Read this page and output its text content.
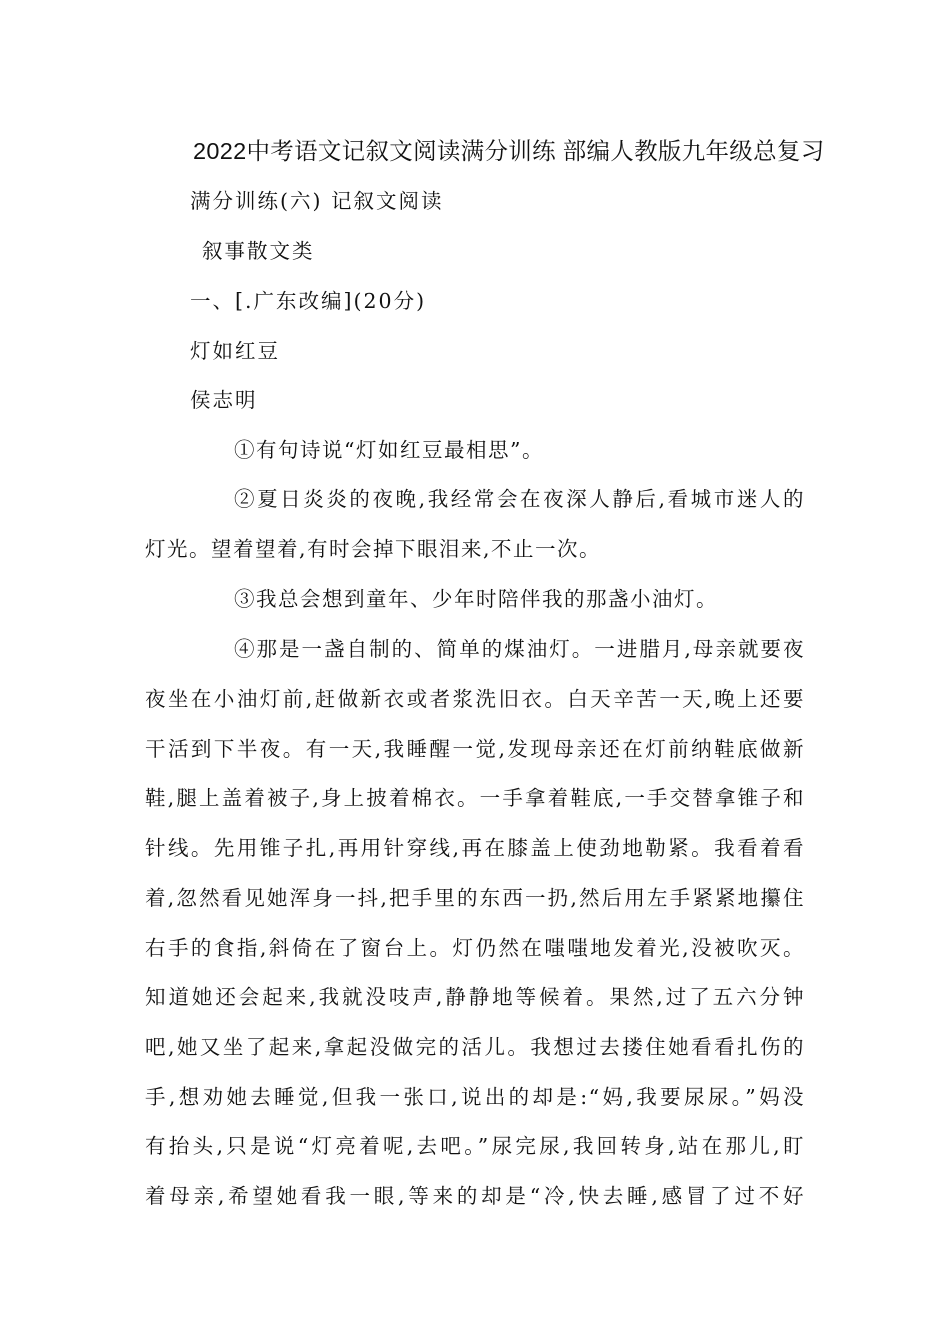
2022中考语文记叙文阅读满分训练 部编人教版九年级总复习
满分训练(六) 记叙文阅读
叙事散文类
一、[.广东改编](20分)
灯如红豆
侯志明
①有句诗说“灯如红豆最相思”。
②夏日炎炎的夜晚,我经常会在夜深人静后,看城市迷人的
灯光。望着望着,有时会掉下眼泪来,不止一次。
③我总会想到童年、少年时陪伴我的那盏小油灯。
④那是一盏自制的、简单的煤油灯。一进腊月,母亲就要夜
夜坐在小油灯前,赶做新衣或者浆洗旧衣。白天辛苦一天,晚上还要
干活到下半夜。有一天,我睡醒一觉,发现母亲还在灯前纳鞋底做新
鞋,腿上盖着被子,身上披着棉衣。一手拿着鞋底,一手交替拿锥子和
针线。先用锥子扎,再用针穿线,再在膝盖上使劲地勒紧。我看着看
着,忽然看见她浑身一抖,把手里的东西一扔,然后用左手紧紧地攥住
右手的食指,斜倚在了窗台上。灯仍然在嗤嗤地发着光,没被吹灭。
知道她还会起来,我就没吱声,静静地等候着。果然,过了五六分钟
吧,她又坐了起来,拿起没做完的活儿。我想过去搂住她看看扎伤的
手,想劝她去睡觉,但我一张口,说出的却是:“妈,我要尿尿。”妈没
有抬头,只是说“灯亮着呢,去吧。”尿完尿,我回转身,站在那儿,盯
着母亲,希望她看我一眼,等来的却是“冷,快去睡,感冒了过不好
